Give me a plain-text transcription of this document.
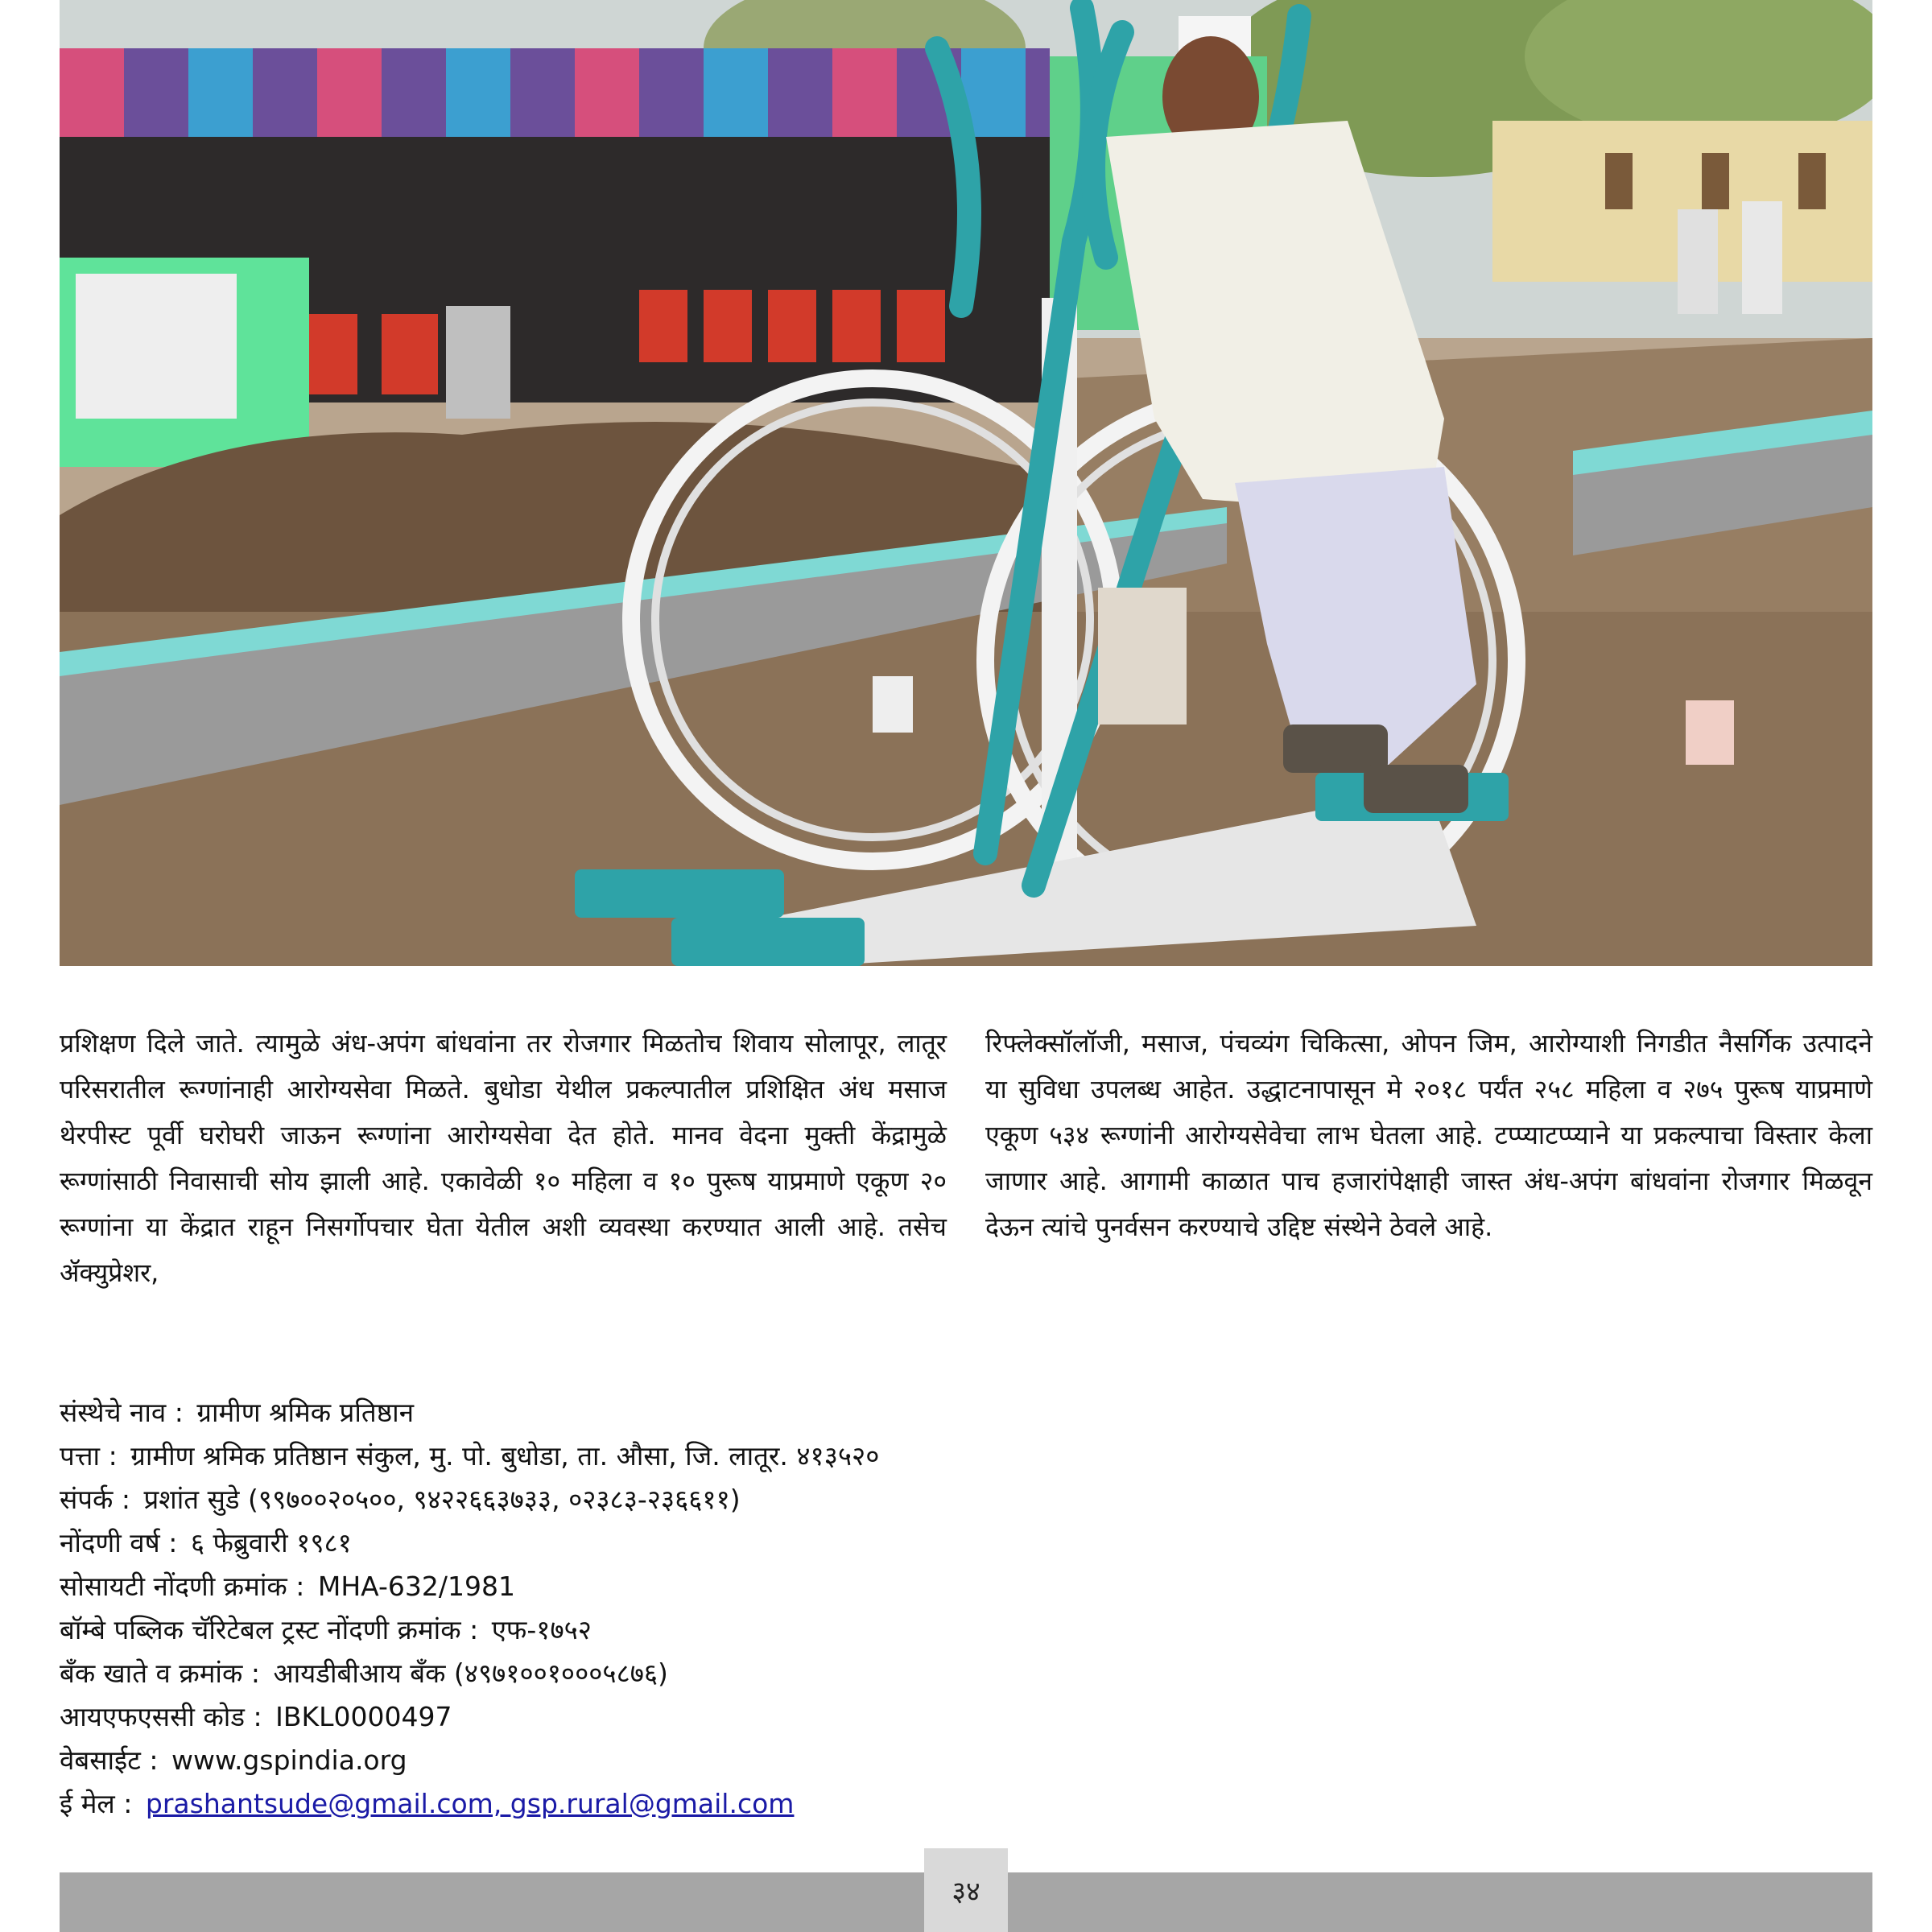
प्रशिक्षण दिले जाते. त्यामुळे अंध-अपंग बांधवांना तर रोजगार मिळतोच शिवाय सोलापूर, लातूर परिसरातील रूग्णांनाही आरोग्यसेवा मिळते. बुधोडा येथील प्रकल्पातील प्रशिक्षित अंध मसाज थेरपीस्ट पूर्वी घरोघरी जाऊन रूग्णांना आरोग्यसेवा देत होते. मानव वेदना मुक्ती केंद्रामुळे रूग्णांसाठी निवासाची सोय झाली आहे. एकावेळी १० महिला व १० पुरूष याप्रमाणे एकूण २० रूग्णांना या केंद्रात राहून निसर्गोपचार घेता येतील अशी व्यवस्था करण्यात आली आहे. तसेच ॲक्युप्रेशर,
रिफ्लेक्सॉलॉजी, मसाज, पंचव्यंग चिकित्सा, ओपन जिम, आरोग्याशी निगडीत नैसर्गिक उत्पादने या सुविधा उपलब्ध आहेत. उद्धाटनापासून मे २०१८ पर्यंत २५८ महिला व २७५ पुरूष याप्रमाणे एकूण ५३४ रूग्णांनी आरोग्यसेवेचा लाभ घेतला आहे. टप्प्याटप्प्याने या प्रकल्पाचा विस्तार केला जाणार आहे. आगामी काळात पाच हजारांपेक्षाही जास्त अंध-अपंग बांधवांना रोजगार मिळवून देऊन त्यांचे पुनर्वसन करण्याचे उद्दिष्ट संस्थेने ठेवले आहे.
संस्थेचे नाव : ग्रामीण श्रमिक प्रतिष्ठान
पत्ता : ग्रामीण श्रमिक प्रतिष्ठान संकुल, मु. पो. बुधोडा, ता. औसा, जि. लातूर. ४१३५२०
संपर्क : प्रशांत सुडे (९९७००२०५००, ९४२२६६३७३३, ०२३८३-२३६६११)
नोंदणी वर्ष : ६ फेब्रुवारी १९८१
सोसायटी नोंदणी क्रमांक : MHA-632/1981
बॉम्बे पब्लिक चॅरिटेबल ट्रस्ट नोंदणी क्रमांक : एफ-१७५२
बँक खाते व क्रमांक : आयडीबीआय बँक (४९७१००१०००५८७६)
आयएफएससी कोड : IBKL0000497
वेबसाईट : www.gspindia.org
ई मेल : prashantsude@gmail.com, gsp.rural@gmail.com
३४
